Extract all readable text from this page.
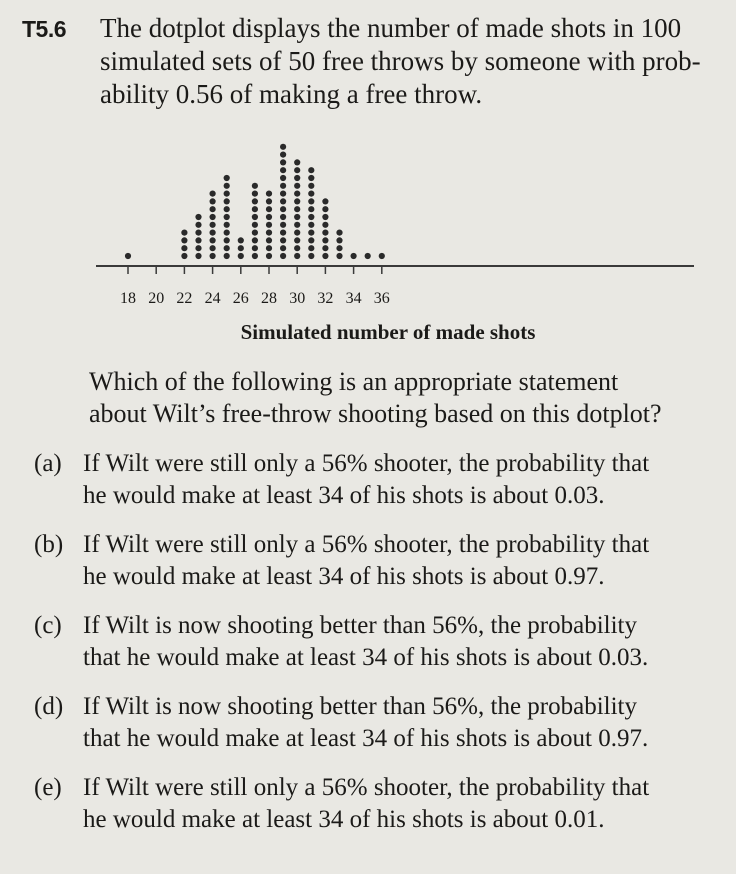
T5.6 The dotplot displays the number of made shots in 100
simulated sets of 50 free throws by someone with prob-
ability 0.56 of making a free throw.
18 20 22 24 26 28 30 32 34 36
Simulated number of made shots
Which of the following is an appropriate statement
about Wilt’s free-throw shooting based on this dotplot?
(a) If Wilt were still only a 56% shooter, the probability that
he would make at least 34 of his shots is about 0.03.
(b) If Wilt were still only a 56% shooter, the probability that
he would make at least 34 of his shots is about 0.97.
(c) If Wilt is now shooting better than 56%, the probability
that he would make at least 34 of his shots is about 0.03.
(d) If Wilt is now shooting better than 56%, the probability
that he would make at least 34 of his shots is about 0.97.
(e) If Wilt were still only a 56% shooter, the probability that
he would make at least 34 of his shots is about 0.01.
